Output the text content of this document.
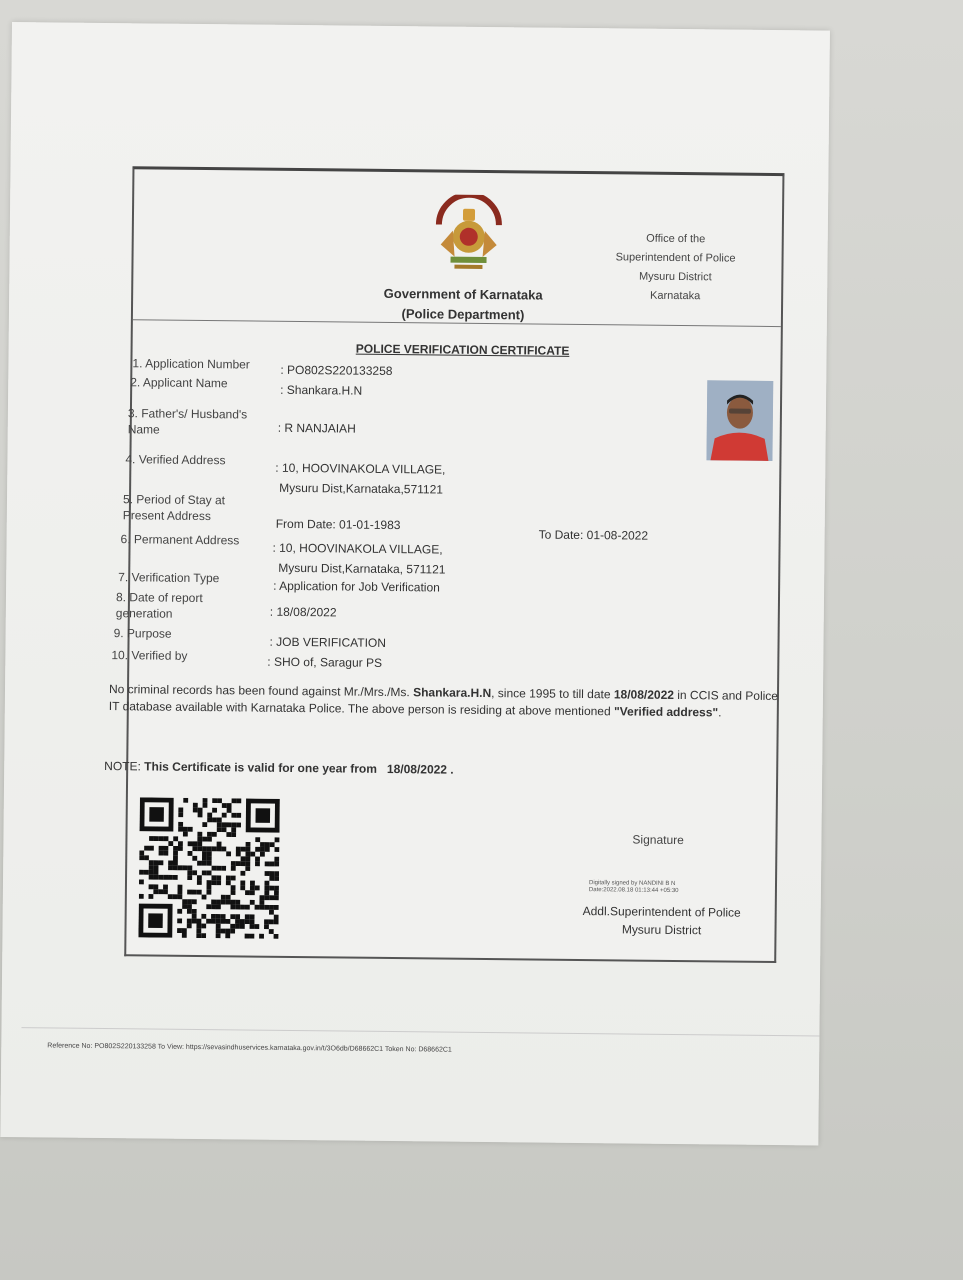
Government of Karnataka
(Police Department)
Office of the
Superintendent of Police
Mysuru District
Karnataka
POLICE VERIFICATION CERTIFICATE
1. Application Number
2. Applicant Name
3. Father's/ Husband's Name
4. Verified Address
5. Period of Stay at Present Address
6. Permanent Address
7. Verification Type
8. Date of report generation
9. Purpose
10. Verified by
: PO802S220133258
: Shankara.H.N
: R NANJAIAH
: 10, HOOVINAKOLA VILLAGE,
Mysuru Dist,Karnataka,571121
From Date: 01-01-1983
To Date: 01-08-2022
: 10, HOOVINAKOLA VILLAGE,
Mysuru Dist,Karnataka, 571121
: Application for Job Verification
: 18/08/2022
: JOB VERIFICATION
: SHO of, Saragur PS
No criminal records has been found against Mr./Mrs./Ms. Shankara.H.N, since 1995 to till date 18/08/2022 in CCIS and Police IT database available with Karnataka Police. The above person is residing at above mentioned "Verified address".
NOTE: This Certificate is valid for one year from 18/08/2022 .
Signature
Digitally signed by NANDINI B N
Date:2022.08.18 01:13:44 +05:30
Addl.Superintendent of Police
Mysuru District
Reference No: PO802S220133258 To View: https://sevasindhuservices.karnataka.gov.in/t/3O6db/D68662C1 Token No: D68662C1
